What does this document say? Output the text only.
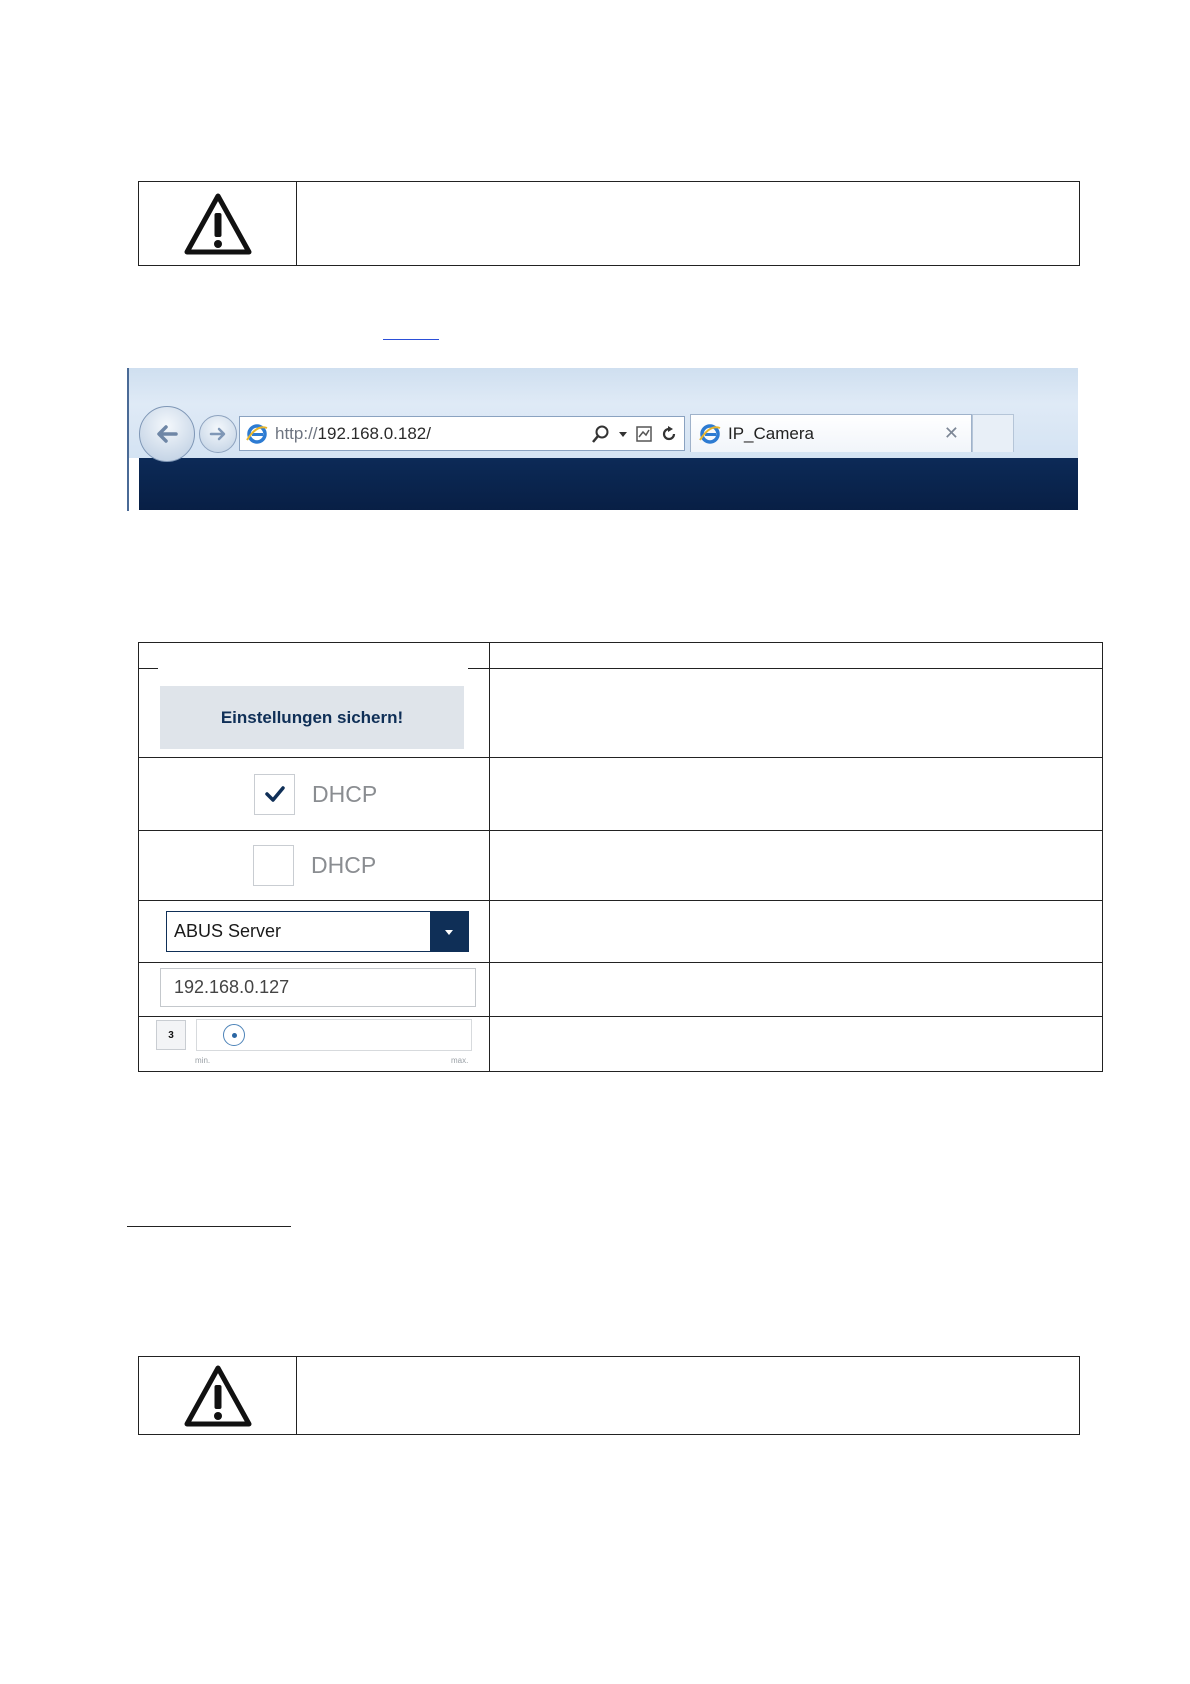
http://192.168.0.182/	IP_Camera	✕
Einstellungen sichern!
DHCP
DHCP
ABUS Server
192.168.0.127
3
min.	max.
